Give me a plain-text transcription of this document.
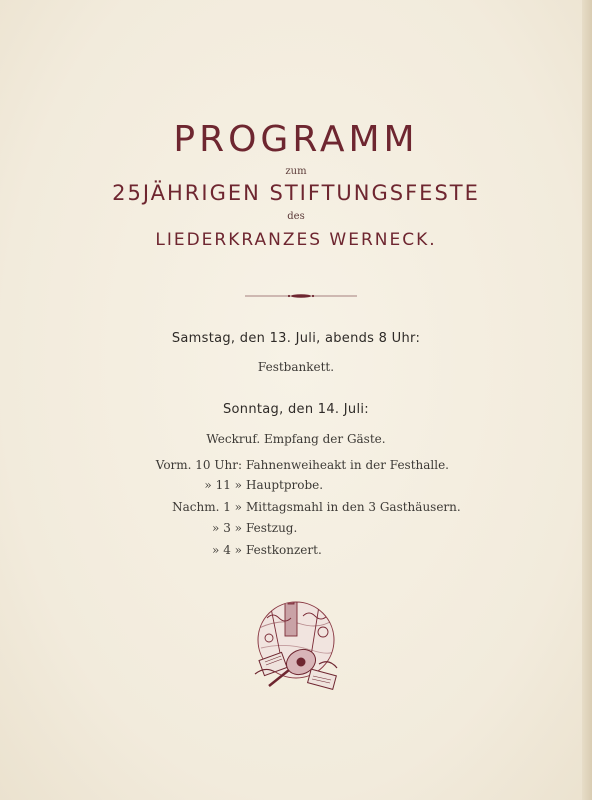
PROGRAMM
zum
25JÄHRIGEN STIFTUNGSFESTE
des
LIEDERKRANZES WERNECK.
Samstag, den 13. Juli, abends 8 Uhr:
Festbankett.
Sonntag, den 14. Juli:
Weckruf. Empfang der Gäste.
Vorm. 10 Uhr: Fahnenweiheakt in der Festhalle.
» 11 » Hauptprobe.
Nachm. 1 » Mittagsmahl in den 3 Gasthäusern.
» 3 » Festzug.
» 4 » Festkonzert.
